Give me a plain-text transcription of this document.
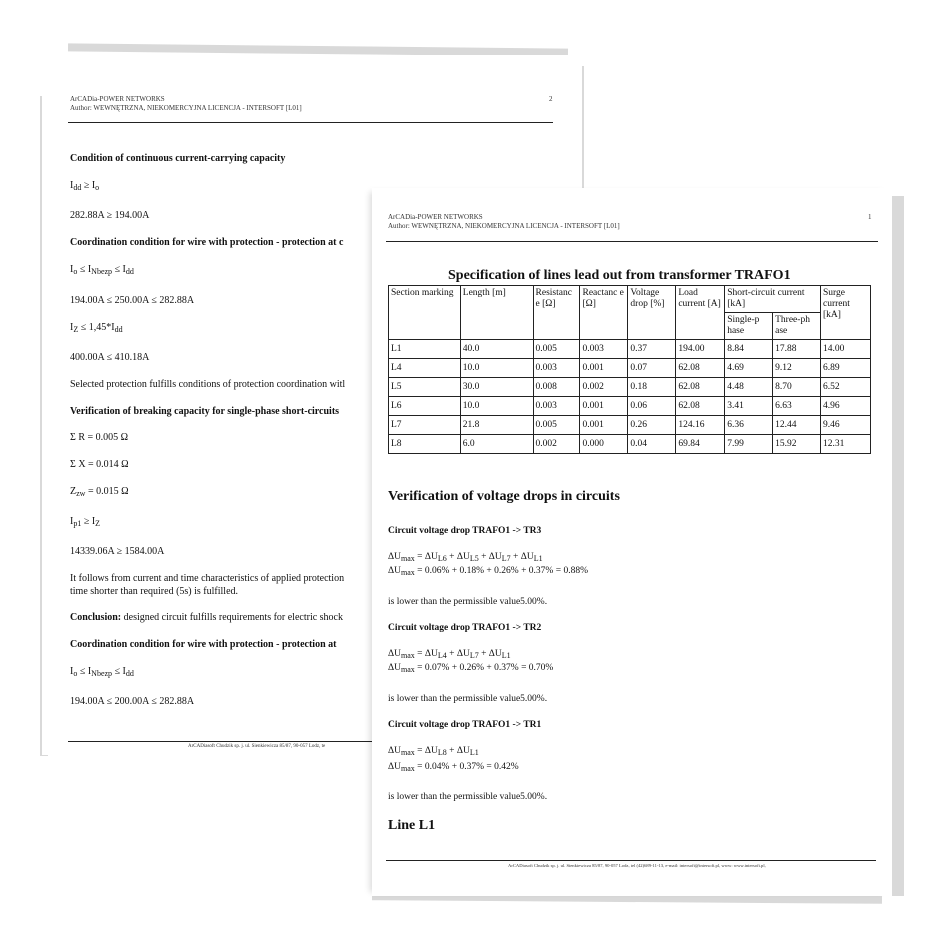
ArCADia-POWER NETWORKS
Author: WEWNĘTRZNA, NIEKOMERCYJNA LICENCJA - INTERSOFT [L01]
2
Condition of continuous current-carrying capacity
$I_{dd} \ge I_o$
282.88A ≥ 194.00A
Coordination condition for wire with protection - protection at c
$I_o \le I_{Nbezp} \le I_{dd}$
194.00A ≤ 250.00A ≤ 282.88A
$I_Z \le 1,45*I_{dd}$
400.00A ≤ 410.18A
Selected protection fulfills conditions of protection coordination witl
Verification of breaking capacity for single-phase short-circuits
Σ R = 0.005 Ω
Σ X = 0.014 Ω
$Z_{zw} = 0.015$ Ω
$I_{p1} \ge I_Z$
14339.06A ≥ 1584.00A
It follows from current and time characteristics of applied protection
time shorter than required (5s) is fulfilled.
Conclusion: designed circuit fulfills requirements for electric shock
Coordination condition for wire with protection - protection at
$I_o \le I_{Nbezp} \le I_{dd}$
194.00A ≤ 200.00A ≤ 282.88A
ArCADiasoft Chudzik sp. j. ul. Sienkiewicza 85/87, 90-057 Lodz, te
ArCADia-POWER NETWORKS
Author: WEWNĘTRZNA, NIEKOMERCYJNA LICENCJA - INTERSOFT [L01]
1
Specification of lines lead out from transformer TRAFO1
Section marking	Length [m]	Resistanc e [Ω]	Reactanc e [Ω]	Voltage drop [%]	Load current [A]	Short-circuit current [kA]		Surge current [kA]
						Single-p hase	Three-ph ase	
L1	40.0	0.005	0.003	0.37	194.00	8.84	17.88	14.00
L4	10.0	0.003	0.001	0.07	62.08	4.69	9.12	6.89
L5	30.0	0.008	0.002	0.18	62.08	4.48	8.70	6.52
L6	10.0	0.003	0.001	0.06	62.08	3.41	6.63	4.96
L7	21.8	0.005	0.001	0.26	124.16	6.36	12.44	9.46
L8	6.0	0.002	0.000	0.04	69.84	7.99	15.92	12.31
Verification of voltage drops in circuits
Circuit voltage drop TRAFO1 -> TR3
$\Delta U_{max} = \Delta U_{L6} + \Delta U_{L5} + \Delta U_{L7} + \Delta U_{L1}$
$\Delta U_{max} = 0.06\% + 0.18\% + 0.26\% + 0.37\% = 0.88\%$
is lower than the permissible value5.00%.
Circuit voltage drop TRAFO1 -> TR2
$\Delta U_{max} = \Delta U_{L4} + \Delta U_{L7} + \Delta U_{L1}$
$\Delta U_{max} = 0.07\% + 0.26\% + 0.37\% = 0.70\%$
is lower than the permissible value5.00%.
Circuit voltage drop TRAFO1 -> TR1
$\Delta U_{max} = \Delta U_{L8} + \Delta U_{L1}$
$\Delta U_{max} = 0.04\% + 0.37\% = 0.42\%$
is lower than the permissible value5.00%.
Line L1
ArCADiasoft Chudzik sp. j. ul. Sienkiewicza 85/87, 90-057 Lodz, tel (42)689-11-13, e-mail: intersoft@intersoft.pl, www: www.intersoft.pl,
